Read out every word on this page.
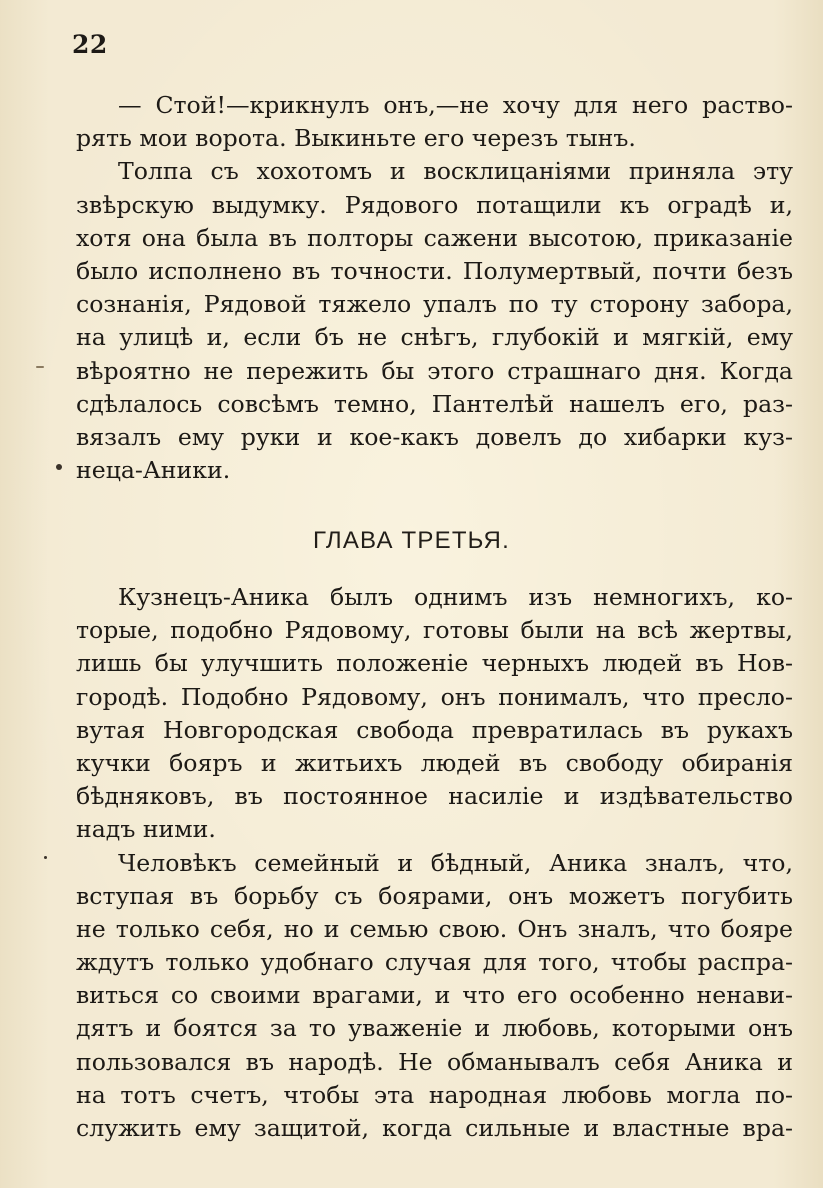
22
— Стой!—крикнулъ онъ,—не хочу для него раство-
рять мои ворота. Выкиньте его черезъ тынъ.
Толпа съ хохотомъ и восклицаніями приняла эту
звѣрскую выдумку. Рядового потащили къ оградѣ и,
хотя она была въ полторы сажени высотою, приказаніе
было исполнено въ точности. Полумертвый, почти безъ
сознанія, Рядовой тяжело упалъ по ту сторону забора,
на улицѣ и, если бъ не снѣгъ, глубокій и мягкій, ему
вѣроятно не пережить бы этого страшнаго дня. Когда
сдѣлалось совсѣмъ темно, Пантелѣй нашелъ его, раз-
вязалъ ему руки и кое-какъ довелъ до хибарки куз-
неца-Аники.
ГЛАВА ТРЕТЬЯ.
Кузнецъ-Аника былъ однимъ изъ немногихъ, ко-
торые, подобно Рядовому, готовы были на всѣ жертвы,
лишь бы улучшить положеніе черныхъ людей въ Нов-
городѣ. Подобно Рядовому, онъ понималъ, что пресло-
вутая Новгородская свобода превратилась въ рукахъ
кучки бояръ и житьихъ людей въ свободу обиранія
бѣдняковъ, въ постоянное насиліе и издѣвательство
надъ ними.
Человѣкъ семейный и бѣдный, Аника зналъ, что,
вступая въ борьбу съ боярами, онъ можетъ погубить
не только себя, но и семью свою. Онъ зналъ, что бояре
ждутъ только удобнаго случая для того, чтобы распра-
виться со своими врагами, и что его особенно ненави-
дятъ и боятся за то уваженіе и любовь, которыми онъ
пользовался въ народѣ. Не обманывалъ себя Аника и
на тотъ счетъ, чтобы эта народная любовь могла по-
служить ему защитой, когда сильные и властные вра-
